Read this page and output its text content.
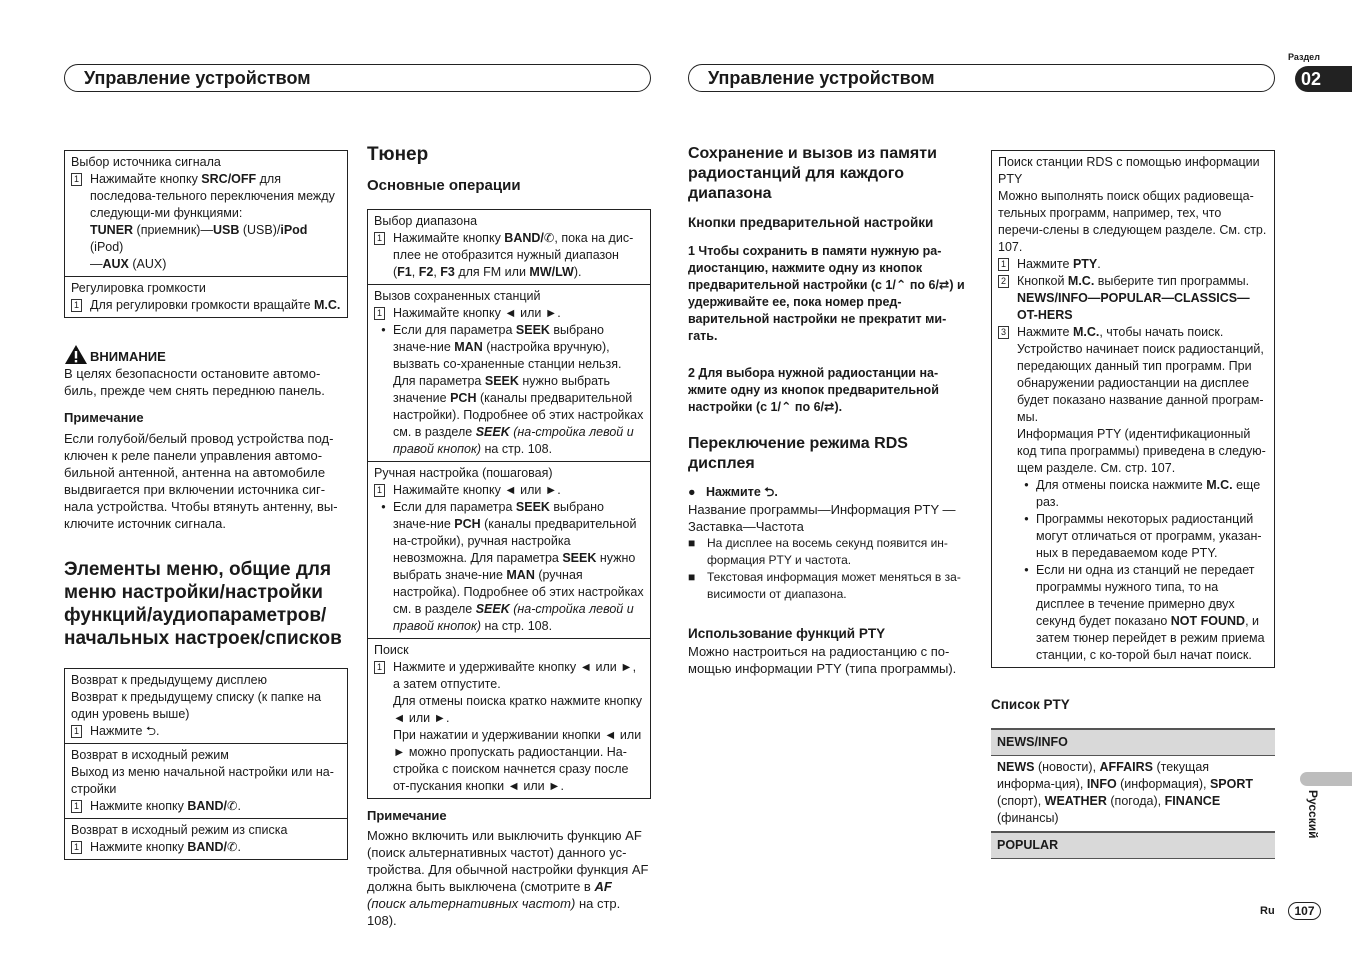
Раздел
02
Управление устройством	Управление устройством
Русский
Ru	107
Выбор источника сигнала
1 Нажимайте кнопку SRC/OFF для последова-тельного переключения между следующи-ми функциями:
TUNER (приемник)—USB (USB)/iPod (iPod)
—AUX (AUX)
Регулировка громкости
1 Для регулировки громкости вращайте M.C.
ВНИМАНИЕ
В целях безопасности остановите автомо-биль, прежде чем снять переднюю панель.
Примечание
Если голубой/белый провод устройства под-ключен к реле панели управления автомо-бильной антенной, антенна на автомобиле выдвигается при включении источника сиг-нала устройства. Чтобы втянуть антенну, вы-ключите источник сигнала.
Элементы меню, общие для меню настройки/настройки функций/аудиопараметров/ начальных настроек/списков
Возврат к предыдущему дисплею
Возврат к предыдущему списку (к папке на один уровень выше)
1 Нажмите ⮌.
Возврат в исходный режим
Выход из меню начальной настройки или на-стройки
1 Нажмите кнопку BAND/✆.
Возврат в исходный режим из списка
1 Нажмите кнопку BAND/✆.
Тюнер
Основные операции
Выбор диапазона
1 Нажимайте кнопку BAND/✆, пока на дис-плее не отобразится нужный диапазон (F1, F2, F3 для FM или MW/LW).
Вызов сохраненных станций
1 Нажимайте кнопку ◄ или ►.
• Если для параметра SEEK выбрано значе-ние MAN (настройка вручную), вызвать со-храненные станции нельзя. Для параметра SEEK нужно выбрать значение PCH (каналы предварительной настройки). Подробнее об этих настройках см. в разделе SEEK (на-стройка левой и правой кнопок) на стр. 108.
Ручная настройка (пошаговая)
1 Нажимайте кнопку ◄ или ►.
• Если для параметра SEEK выбрано значе-ние PCH (каналы предварительной на-стройки), ручная настройка невозможна. Для параметра SEEK нужно выбрать значе-ние MAN (ручная настройка). Подробнее об этих настройках см. в разделе SEEK (на-стройка левой и правой кнопок) на стр. 108.
Поиск
1 Нажмите и удерживайте кнопку ◄ или ►, а затем отпустите.
Для отмены поиска кратко нажмите кнопку ◄ или ►.
При нажатии и удерживании кнопки ◄ или ► можно пропускать радиостанции. На-стройка с поиском начнется сразу после от-пускания кнопки ◄ или ►.
Примечание
Можно включить или выключить функцию AF (поиск альтернативных частот) данного ус-тройства. Для обычной настройки функция AF должна быть выключена (смотрите в AF (поиск альтернативных частот) на стр. 108).
Сохранение и вызов из памяти радиостанций для каждого диапазона
Кнопки предварительной настройки
1 Чтобы сохранить в памяти нужную ра-диостанцию, нажмите одну из кнопок предварительной настройки (с 1/⌃ по 6/⇄) и удерживайте ее, пока номер пред-варительной настройки не прекратит ми-гать.
2 Для выбора нужной радиостанции на-жмите одну из кнопок предварительной настройки (с 1/⌃ по 6/⇄).
Переключение режима RDS дисплея
●   Нажмите ⮌.
Название программы—Информация PTY —Заставка—Частота
■ На дисплее на восемь секунд появится ин-формация PTY и частота.
■ Текстовая информация может меняться в за-висимости от диапазона.
Использование функций PTY
Можно настроиться на радиостанцию с по-мощью информации PTY (типа программы).
Поиск станции RDS с помощью информации PTY
Можно выполнять поиск общих радиовеща-тельных программ, например, тех, что перечи-слены в следующем разделе. См. стр. 107.
1 Нажмите PTY.
2 Кнопкой M.C. выберите тип программы.
NEWS/INFO—POPULAR—CLASSICS—OT-HERS
3 Нажмите M.C., чтобы начать поиск.
Устройство начинает поиск радиостанций, передающих данный тип программ. При обнаружении радиостанции на дисплее будет показано название данной програм-мы.
Информация PTY (идентификационный код типа программы) приведена в следую-щем разделе. См. стр. 107.
• Для отмены поиска нажмите M.C. еще раз.
• Программы некоторых радиостанций могут отличаться от программ, указан-ных в передаваемом коде PTY.
• Если ни одна из станций не передает программы нужного типа, то на дисплее в течение примерно двух секунд будет показано NOT FOUND, и затем тюнер перейдет в режим приема станции, с ко-торой был начат поиск.
Список PTY
NEWS/INFO
NEWS (новости), AFFAIRS (текущая информа-ция), INFO (информация), SPORT (спорт), WEATHER (погода), FINANCE (финансы)
POPULAR
